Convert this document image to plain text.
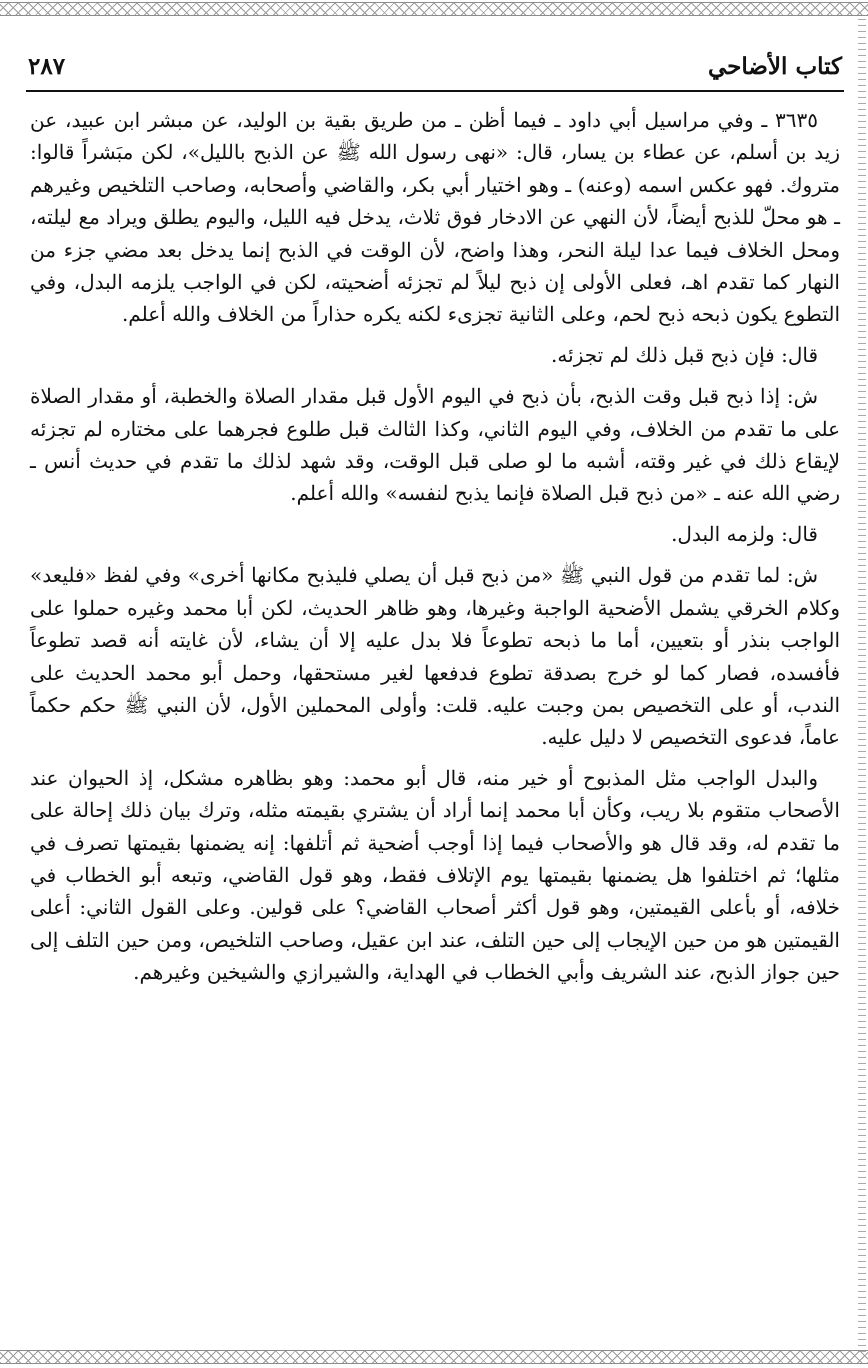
كتاب الأضاحي
٢٨٧

٣٦٣٥ ـ وفي مراسيل أبي داود ـ فيما أظن ـ من طريق بقية بن الوليد، عن مبشر ابن عبيد، عن زيد بن أسلم، عن عطاء بن يسار، قال: «نهى رسول الله ﷺ عن الذبح بالليل»، لكن مبَشراً قالوا: متروك. فهو عكس اسمه (وعنه) ـ وهو اختيار أبي بكر، والقاضي وأصحابه، وصاحب التلخيص وغيرهم ـ هو محلّ للذبح أيضاً، لأن النهي عن الادخار فوق ثلاث، يدخل فيه الليل، واليوم يطلق ويراد مع ليلته، ومحل الخلاف فيما عدا ليلة النحر، وهذا واضح، لأن الوقت في الذبح إنما يدخل بعد مضي جزء من النهار كما تقدم اهـ، فعلى الأولى إن ذبح ليلاً لم تجزئه أضحيته، لكن في الواجب يلزمه البدل، وفي التطوع يكون ذبحه ذبح لحم، وعلى الثانية تجزىء لكنه يكره حذاراً من الخلاف والله أعلم.

قال: فإن ذبح قبل ذلك لم تجزئه.

ش: إذا ذبح قبل وقت الذبح، بأن ذبح في اليوم الأول قبل مقدار الصلاة والخطبة، أو مقدار الصلاة على ما تقدم من الخلاف، وفي اليوم الثاني، وكذا الثالث قبل طلوع فجرهما على مختاره لم تجزئه لإيقاع ذلك في غير وقته، أشبه ما لو صلى قبل الوقت، وقد شهد لذلك ما تقدم في حديث أنس ـ رضي الله عنه ـ «من ذبح قبل الصلاة فإنما يذبح لنفسه» والله أعلم.

قال: ولزمه البدل.

ش: لما تقدم من قول النبي ﷺ «من ذبح قبل أن يصلي فليذبح مكانها أخرى» وفي لفظ «فليعد» وكلام الخرقي يشمل الأضحية الواجبة وغيرها، وهو ظاهر الحديث، لكن أبا محمد وغيره حملوا على الواجب بنذر أو بتعيين، أما ما ذبحه تطوعاً فلا بدل عليه إلا أن يشاء، لأن غايته أنه قصد تطوعاً فأفسده، فصار كما لو خرج بصدقة تطوع فدفعها لغير مستحقها، وحمل أبو محمد الحديث على الندب، أو على التخصيص بمن وجبت عليه. قلت: وأولى المحملين الأول، لأن النبي ﷺ حكم حكماً عاماً، فدعوى التخصيص لا دليل عليه.

والبدل الواجب مثل المذبوح أو خير منه، قال أبو محمد: وهو بظاهره مشكل، إذ الحيوان عند الأصحاب متقوم بلا ريب، وكأن أبا محمد إنما أراد أن يشتري بقيمته مثله، وترك بيان ذلك إحالة على ما تقدم له، وقد قال هو والأصحاب فيما إذا أوجب أضحية ثم أتلفها: إنه يضمنها بقيمتها تصرف في مثلها؛ ثم اختلفوا هل يضمنها بقيمتها يوم الإتلاف فقط، وهو قول القاضي، وتبعه أبو الخطاب في خلافه، أو بأعلى القيمتين، وهو قول أكثر أصحاب القاضي؟ على قولين. وعلى القول الثاني: أعلى القيمتين هو من حين الإيجاب إلى حين التلف، عند ابن عقيل، وصاحب التلخيص، ومن حين التلف إلى حين جواز الذبح، عند الشريف وأبي الخطاب في الهداية، والشيرازي والشيخين وغيرهم.
